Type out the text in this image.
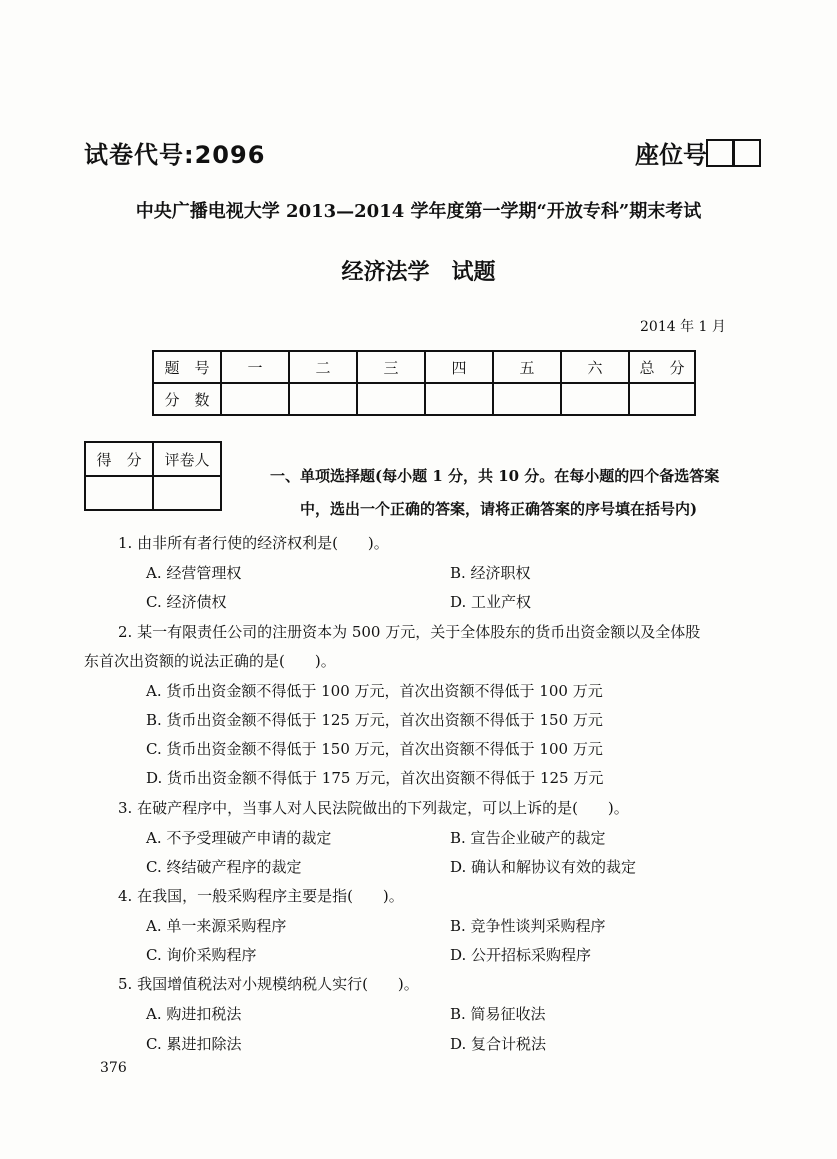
试卷代号:2096	座位号
中央广播电视大学 2013—2014 学年度第一学期“开放专科”期末考试
经济法学　试题
2014 年 1 月
题　号	一	二	三	四	五	六	总　分
分　数							
得　分	评卷人

一、单项选择题(每小题 1 分，共 10 分。在每小题的四个备选答案
中，选出一个正确的答案，请将正确答案的序号填在括号内)
1. 由非所有者行使的经济权利是(　　)。
A. 经营管理权	B. 经济职权
C. 经济债权	D. 工业产权
2. 某一有限责任公司的注册资本为 500 万元，关于全体股东的货币出资金额以及全体股
东首次出资额的说法正确的是(　　)。
A. 货币出资金额不得低于 100 万元，首次出资额不得低于 100 万元
B. 货币出资金额不得低于 125 万元，首次出资额不得低于 150 万元
C. 货币出资金额不得低于 150 万元，首次出资额不得低于 100 万元
D. 货币出资金额不得低于 175 万元，首次出资额不得低于 125 万元
3. 在破产程序中，当事人对人民法院做出的下列裁定，可以上诉的是(　　)。
A. 不予受理破产申请的裁定	B. 宣告企业破产的裁定
C. 终结破产程序的裁定	D. 确认和解协议有效的裁定
4. 在我国，一般采购程序主要是指(　　)。
A. 单一来源采购程序	B. 竞争性谈判采购程序
C. 询价采购程序	D. 公开招标采购程序
5. 我国增值税法对小规模纳税人实行(　　)。
A. 购进扣税法	B. 简易征收法
C. 累进扣除法	D. 复合计税法
376
